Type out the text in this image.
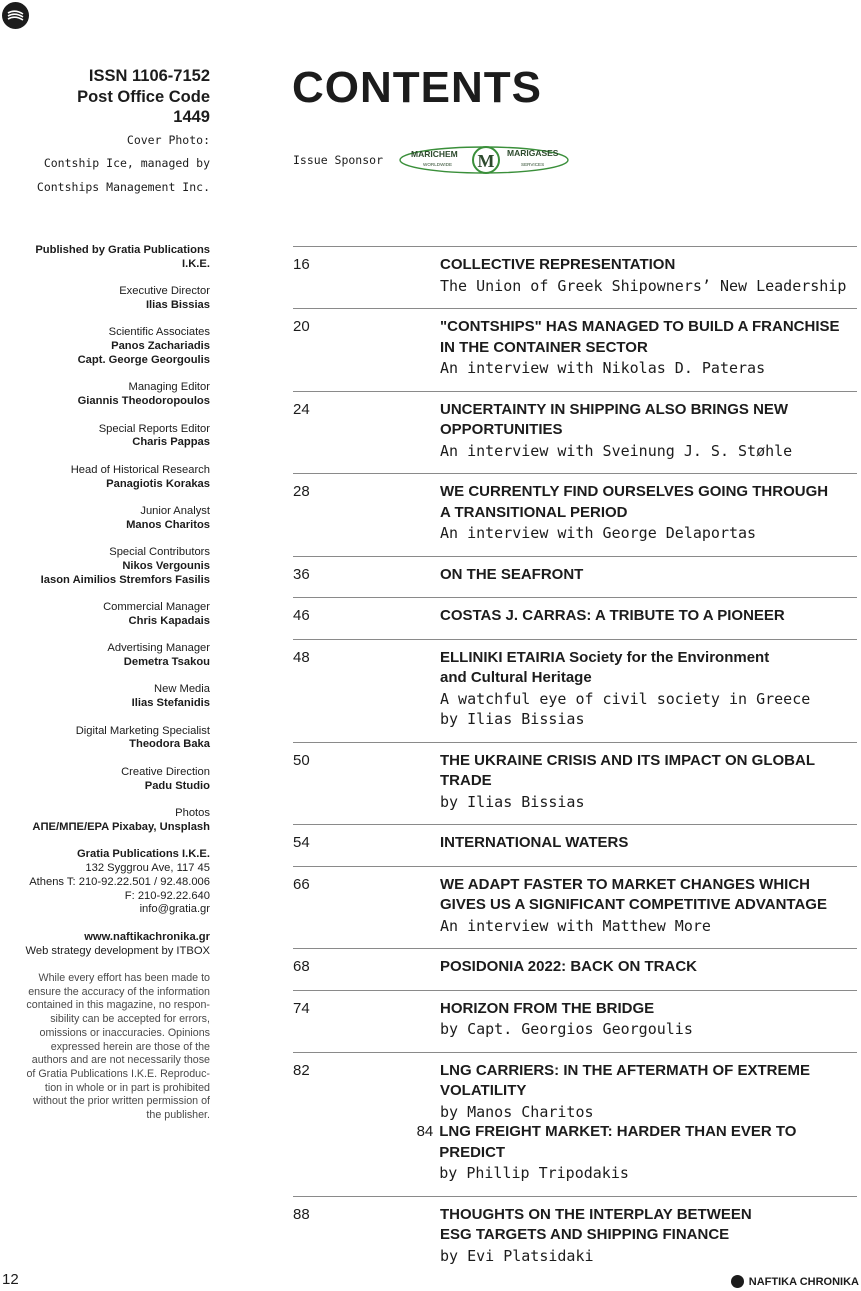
ISSN 1106-7152
Post Office Code
1449
Cover Photo:
Contship Ice, managed by
Contships Management Inc.
CONTENTS
Issue Sponsor	MARICHEM
WORLDWIDE
MARIGASES
SERVICES
M
Published by Gratia Publications
I.K.E.
Executive Director
Ilias Bissias
Scientific Associates
Panos Zachariadis
Capt. George Georgoulis
Managing Editor
Giannis Theodoropoulos
Special Reports Editor
Charis Pappas
Head of Historical Research
Panagiotis Korakas
Junior Analyst
Manos Charitos
Special Contributors
Nikos Vergounis
Iason Aimilios Stremfors Fasilis
Commercial Manager
Chris Kapadais
Advertising Manager
Demetra Tsakou
New Media
Ilias Stefanidis
Digital Marketing Specialist
Theodora Baka
Creative Direction
Padu Studio
Photos
ΑΠΕ/ΜΠΕ/EPA Pixabay, Unsplash
Gratia Publications I.K.E.
132 Syggrou Ave, 117 45
Athens T: 210-92.22.501 / 92.48.006
F: 210-92.22.640
info@gratia.gr
www.naftikachronika.gr
Web strategy development by ITBOX
While every effort has been made to
ensure the accuracy of the information
contained in this magazine, no respon-
sibility can be accepted for errors,
omissions or inaccuracies. Opinions
expressed herein are those of the
authors and are not necessarily those
of Gratia Publications I.K.E. Reproduc-
tion in whole or in part is prohibited
without the prior written permission of
the publisher.
16	COLLECTIVE REPRESENTATION
The Union of Greek Shipowners’ New Leadership
20	"CONTSHIPS" HAS MANAGED TO BUILD A FRANCHISE
IN THE CONTAINER SECTOR
An interview with Nikolas D. Pateras
24	UNCERTAINTY IN SHIPPING ALSO BRINGS NEW
OPPORTUNITIES
An interview with Sveinung J. S. Støhle
28	WE CURRENTLY FIND OURSELVES GOING THROUGH
A TRANSITIONAL PERIOD
An interview with George Delaportas
36	ON THE SEAFRONT
46	COSTAS J. CARRAS: A TRIBUTE TO A PIONEER
48	ELLINIKI ETAIRIA Society for the Environment
and Cultural Heritage
A watchful eye of civil society in Greece
by Ilias Bissias
50	THE UKRAINE CRISIS AND ITS IMPACT ON GLOBAL TRADE
by Ilias Bissias
54	INTERNATIONAL WATERS
66	WE ADAPT FASTER TO MARKET CHANGES WHICH
GIVES US A SIGNIFICANT COMPETITIVE ADVANTAGE
An interview with Matthew More
68	POSIDONIA 2022: BACK ON TRACK
74	HORIZON FROM THE BRIDGE
by Capt. Georgios Georgoulis
82	LNG CARRIERS: IN THE AFTERMATH OF EXTREME
VOLATILITY
by Manos Charitos
84 LNG FREIGHT MARKET: HARDER THAN EVER TO PREDICT
by Phillip Tripodakis
88	THOUGHTS ON THE INTERPLAY BETWEEN
ESG TARGETS AND SHIPPING FINANCE
by Evi Platsidaki
12	NAFTIKA CHRONIKA
